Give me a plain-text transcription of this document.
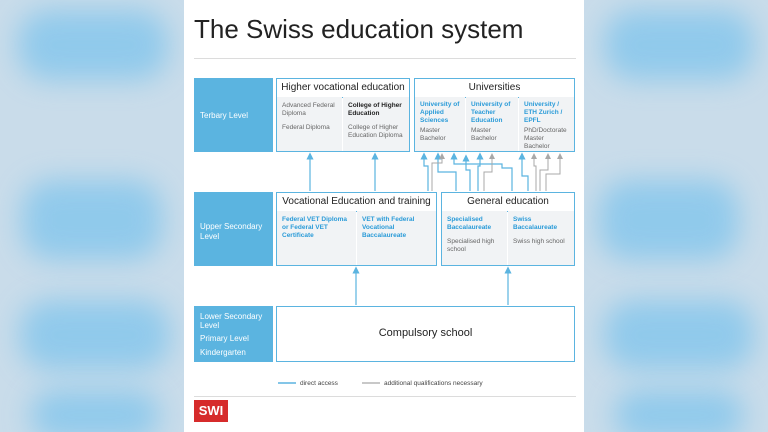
The Swiss education system
SWI
Terbary Level
Upper Secondary
Level
Lower Secondary
Level
Primary Level
Kindergarten
Higher vocational education
Advanced Federal
Diploma
Federal Diploma
College of Higher
Education
College of Higher
Education Diploma
Universities
University of
Applied
Sciences
Master
Bachelor
University of
Teacher
Education
Master
Bachelor
University /
ETH Zurich /
EPFL
PhD/Doctorate
Master
Bachelor
Vocational Education and training
Federal VET Diploma
or Federal VET
Certificate
VET with Federal
Vocational
Baccalaureate
General education
Specialised
Baccalaureate
Specialised high
school
Swiss
Baccalaureate
Swiss high school
Compulsory school
direct access	additional qualifications necessary
